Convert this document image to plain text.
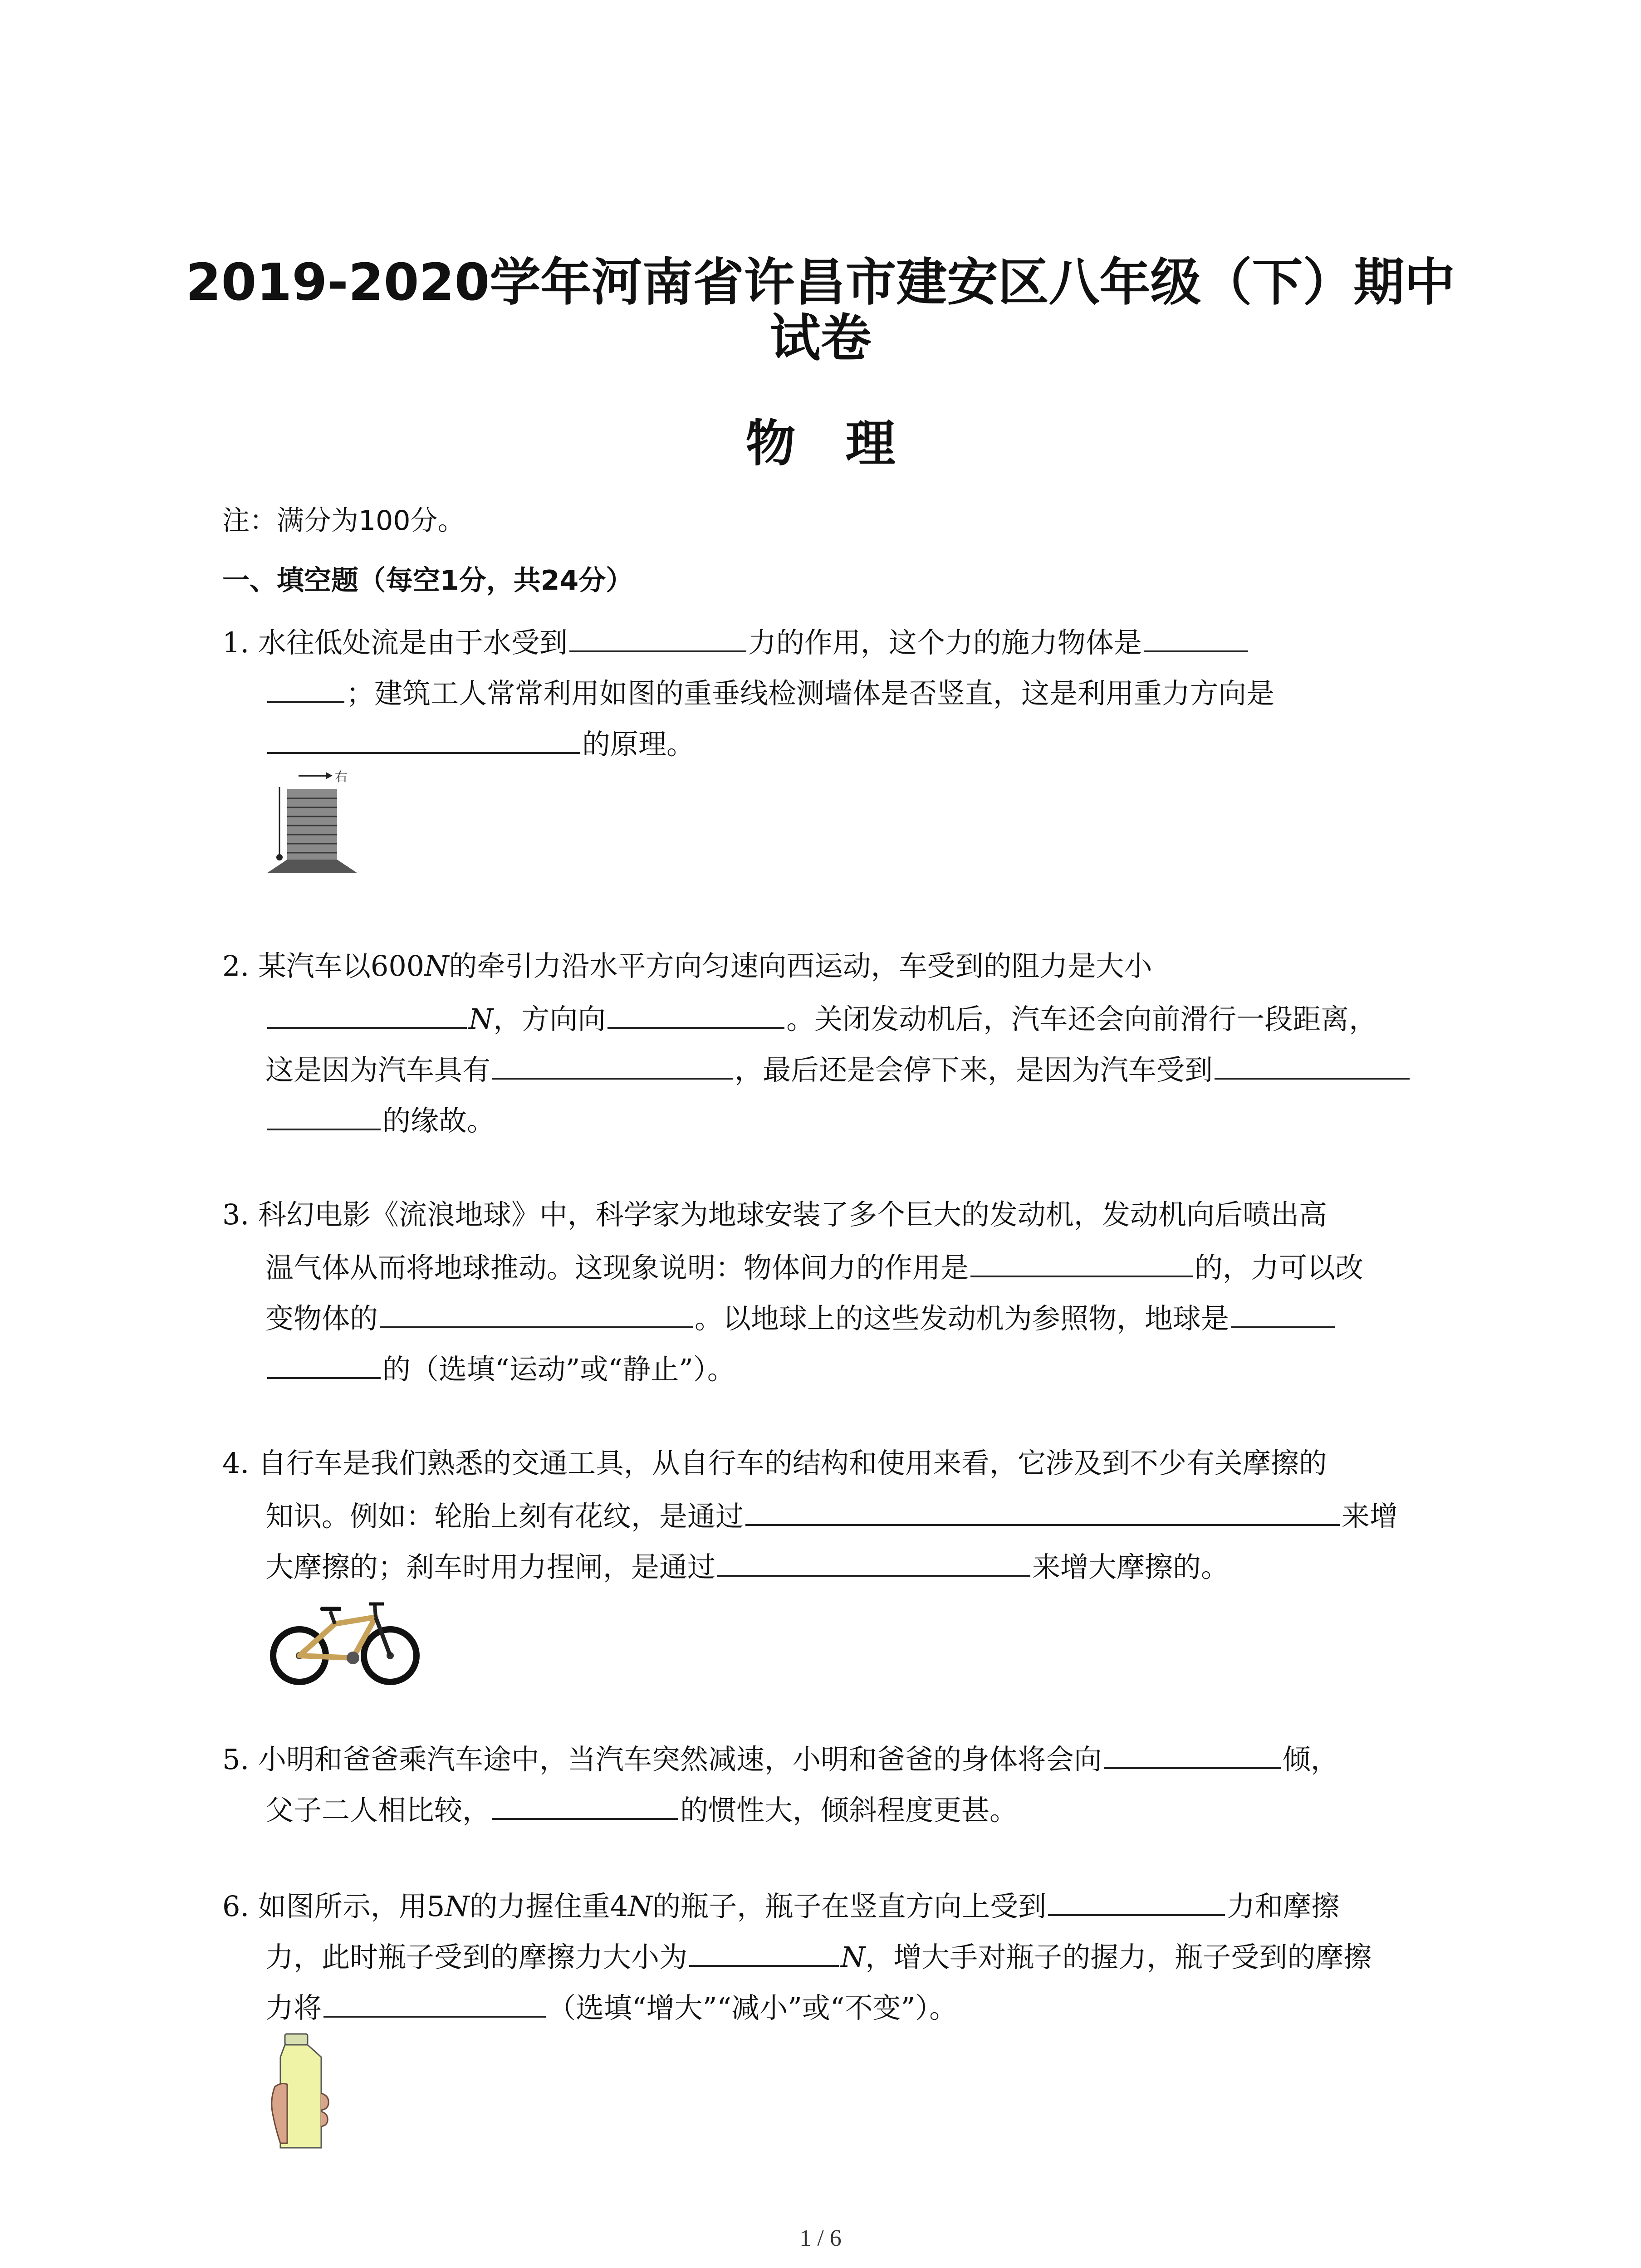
2019-2020学年河南省许昌市建安区八年级（下）期中
试卷
物理
注：满分为100分。
一、填空题（每空1分，共24分）
1. 水往低处流是由于水受到	力的作用，这个力的施力物体是
；建筑工人常常利用如图的重垂线检测墙体是否竖直，这是利用重力方向是
的原理。
右
2. 某汽车以600N的牵引力沿水平方向匀速向西运动，车受到的阻力是大小
N，方向向	。关闭发动机后，汽车还会向前滑行一段距离，
这是因为汽车具有	，最后还是会停下来，是因为汽车受到
的缘故。
3. 科幻电影《流浪地球》中，科学家为地球安装了多个巨大的发动机，发动机向后喷出高
温气体从而将地球推动。这现象说明：物体间力的作用是	的，力可以改
变物体的	。以地球上的这些发动机为参照物，地球是
的（选填“运动”或“静止”）。
4. 自行车是我们熟悉的交通工具，从自行车的结构和使用来看，它涉及到不少有关摩擦的
知识。例如：轮胎上刻有花纹，是通过	来增
大摩擦的；刹车时用力捏闸，是通过	来增大摩擦的。
5. 小明和爸爸乘汽车途中，当汽车突然减速，小明和爸爸的身体将会向	倾，
父子二人相比较，	的惯性大，倾斜程度更甚。
6. 如图所示，用5N的力握住重4N的瓶子，瓶子在竖直方向上受到	力和摩擦
力，此时瓶子受到的摩擦力大小为	N，增大手对瓶子的握力，瓶子受到的摩擦
力将	（选填“增大”“减小”或“不变”）。
1 / 6
